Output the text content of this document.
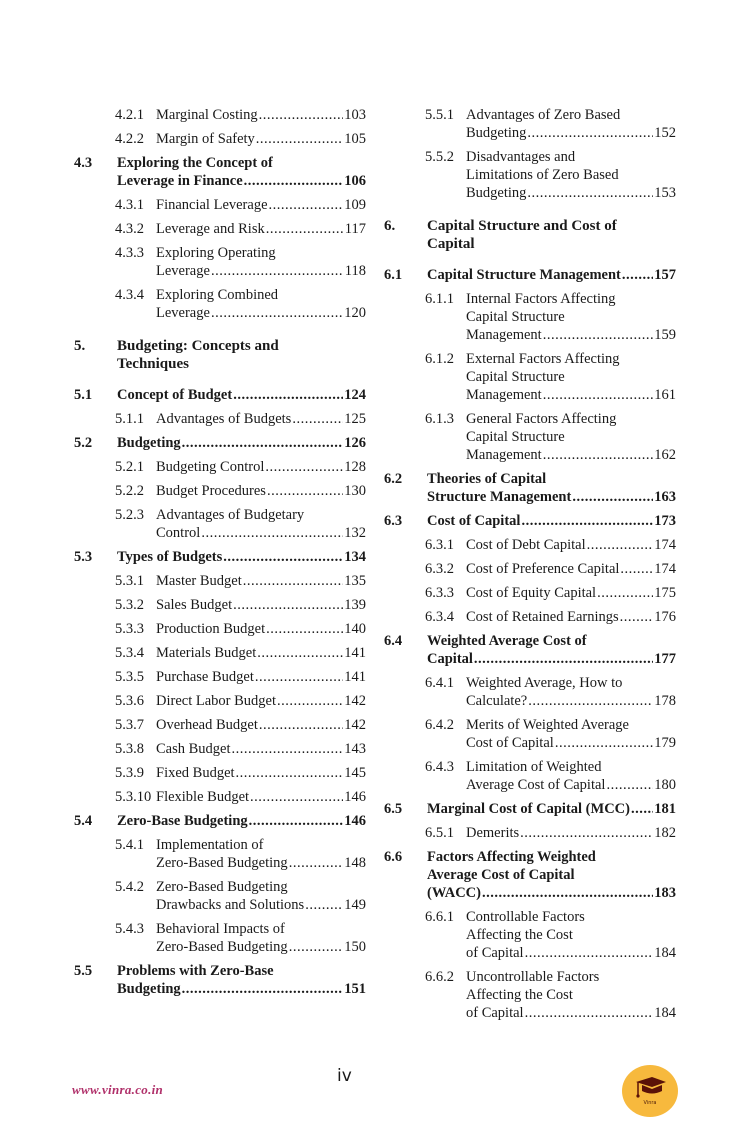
4.2.1 Marginal Costing .....	103
4.2.2 Margin of Safety .....	105
4.3	Exploring the Concept of
Leverage in Finance .....	106
4.3.1 Financial Leverage .....	109
4.3.2 Leverage and Risk .....	117
4.3.3 Exploring Operating
Leverage .....	118
4.3.4 Exploring Combined
Leverage .....	120
5.	Budgeting: Concepts and
Techniques
5.1	Concept of Budget .....	124
5.1.1 Advantages of Budgets .....	125
5.2	Budgeting .....	126
5.2.1 Budgeting Control .....	128
5.2.2 Budget Procedures .....	130
5.2.3 Advantages of Budgetary
Control .....	132
5.3	Types of Budgets .....	134
5.3.1 Master Budget .....	135
5.3.2 Sales Budget .....	139
5.3.3 Production Budget .....	140
5.3.4 Materials Budget .....	141
5.3.5 Purchase Budget .....	141
5.3.6 Direct Labor Budget .....	142
5.3.7 Overhead Budget .....	142
5.3.8 Cash Budget .....	143
5.3.9 Fixed Budget .....	145
5.3.10 Flexible Budget .....	146
5.4	Zero-Base Budgeting .....	146
5.4.1 Implementation of
Zero-Based Budgeting .....	148
5.4.2 Zero-Based Budgeting
Drawbacks and Solutions .....	149
5.4.3 Behavioral Impacts of
Zero-Based Budgeting .....	150
5.5	Problems with Zero-Base
Budgeting .....	151
5.5.1 Advantages of Zero Based
Budgeting .....	152
5.5.2 Disadvantages and
Limitations of Zero Based
Budgeting .....	153
6.	Capital Structure and Cost of
Capital
6.1	Capital Structure Management ..... 157
6.1.1 Internal Factors Affecting
Capital Structure
Management .....	159
6.1.2 External Factors Affecting
Capital Structure
Management .....	161
6.1.3 General Factors Affecting
Capital Structure
Management .....	162
6.2	Theories of Capital
Structure Management .....	163
6.3	Cost of Capital .....	173
6.3.1 Cost of Debt Capital .....	174
6.3.2 Cost of Preference Capital ..... 174
6.3.3 Cost of Equity Capital .....	175
6.3.4 Cost of Retained Earnings ..... 176
6.4	Weighted Average Cost of
Capital .....	177
6.4.1 Weighted Average, How to
Calculate? .....	178
6.4.2 Merits of Weighted Average
Cost of Capital .....	179
6.4.3 Limitation of Weighted
Average Cost of Capital .....	180
6.5	Marginal Cost of Capital (MCC) ..... 181
6.5.1 Demerits .....	182
6.6	Factors Affecting Weighted
Average Cost of Capital
(WACC) .....	183
6.6.1 Controllable Factors
Affecting the Cost
of Capital .....	184
6.6.2 Uncontrollable Factors
Affecting the Cost
of Capital .....	184
iv
www.vinra.co.in
Vinra
